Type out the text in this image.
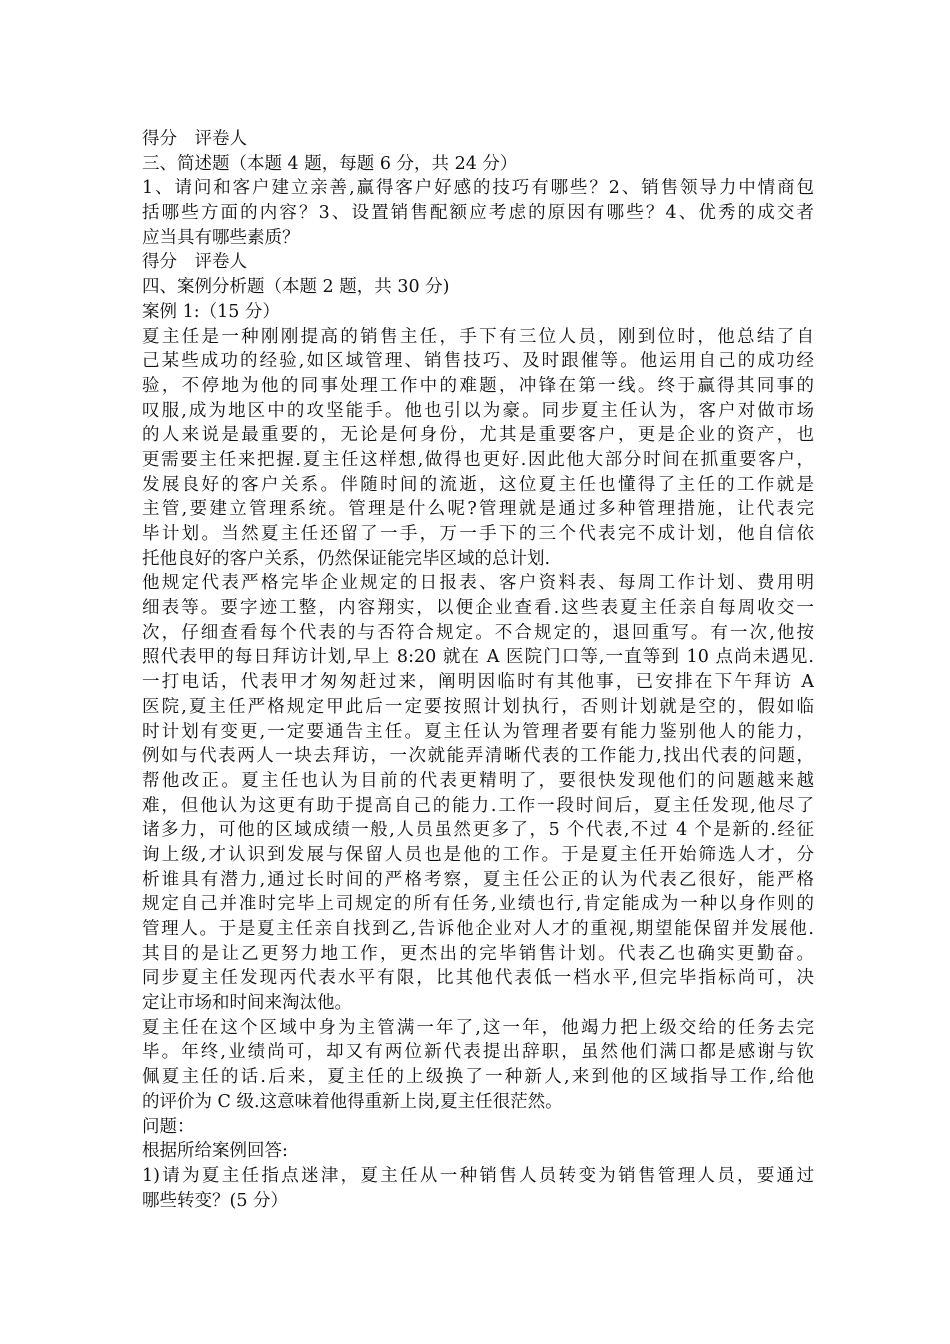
得分　评卷人
三、简述题（本题 4 题，每题 6 分，共 24 分）
1、请问和客户建立亲善,赢得客户好感的技巧有哪些？2、销售领导力中情商包
括哪些方面的内容？3、设置销售配额应考虑的原因有哪些？4、优秀的成交者
应当具有哪些素质？
得分　评卷人
四、案例分析题（本题 2 题，共 30 分)
案例 1:（15 分）
夏主任是一种刚刚提高的销售主任，手下有三位人员，刚到位时，他总结了自
己某些成功的经验,如区域管理、销售技巧、及时跟催等。他运用自己的成功经
验，不停地为他的同事处理工作中的难题，冲锋在第一线。终于赢得其同事的
叹服,成为地区中的攻坚能手。他也引以为豪。同步夏主任认为，客户对做市场
的人来说是最重要的，无论是何身份，尤其是重要客户，更是企业的资产，也
更需要主任来把握.夏主任这样想,做得也更好.因此他大部分时间在抓重要客户，
发展良好的客户关系。伴随时间的流逝，这位夏主任也懂得了主任的工作就是
主管,要建立管理系统。管理是什么呢?管理就是通过多种管理措施，让代表完
毕计划。当然夏主任还留了一手，万一手下的三个代表完不成计划，他自信依
托他良好的客户关系，仍然保证能完毕区域的总计划.
他规定代表严格完毕企业规定的日报表、客户资料表、每周工作计划、费用明
细表等。要字迹工整，内容翔实，以便企业查看.这些表夏主任亲自每周收交一
次，仔细查看每个代表的与否符合规定。不合规定的，退回重写。有一次,他按
照代表甲的每日拜访计划,早上 8:20 就在 A 医院门口等,一直等到 10 点尚未遇见.
一打电话，代表甲才匆匆赶过来，阐明因临时有其他事，已安排在下午拜访 A
医院,夏主任严格规定甲此后一定要按照计划执行，否则计划就是空的，假如临
时计划有变更,一定要通告主任。夏主任认为管理者要有能力鉴别他人的能力，
例如与代表两人一块去拜访，一次就能弄清晰代表的工作能力,找出代表的问题，
帮他改正。夏主任也认为目前的代表更精明了，要很快发现他们的问题越来越
难，但他认为这更有助于提高自己的能力.工作一段时间后，夏主任发现,他尽了
诸多力，可他的区域成绩一般,人员虽然更多了，5 个代表,不过 4 个是新的.经征
询上级,才认识到发展与保留人员也是他的工作。于是夏主任开始筛选人才，分
析谁具有潜力,通过长时间的严格考察，夏主任公正的认为代表乙很好，能严格
规定自己并准时完毕上司规定的所有任务,业绩也行,肯定能成为一种以身作则的
管理人。于是夏主任亲自找到乙,告诉他企业对人才的重视,期望能保留并发展他.
其目的是让乙更努力地工作，更杰出的完毕销售计划。代表乙也确实更勤奋。
同步夏主任发现丙代表水平有限，比其他代表低一档水平,但完毕指标尚可，决
定让市场和时间来淘汰他。
夏主任在这个区域中身为主管满一年了,这一年，他竭力把上级交给的任务去完
毕。年终,业绩尚可，却又有两位新代表提出辞职，虽然他们满口都是感谢与钦
佩夏主任的话.后来，夏主任的上级换了一种新人,来到他的区域指导工作,给他
的评价为 C 级.这意味着他得重新上岗,夏主任很茫然。
问题：
根据所给案例回答:
1)请为夏主任指点迷津，夏主任从一种销售人员转变为销售管理人员，要通过
哪些转变？(5 分）
